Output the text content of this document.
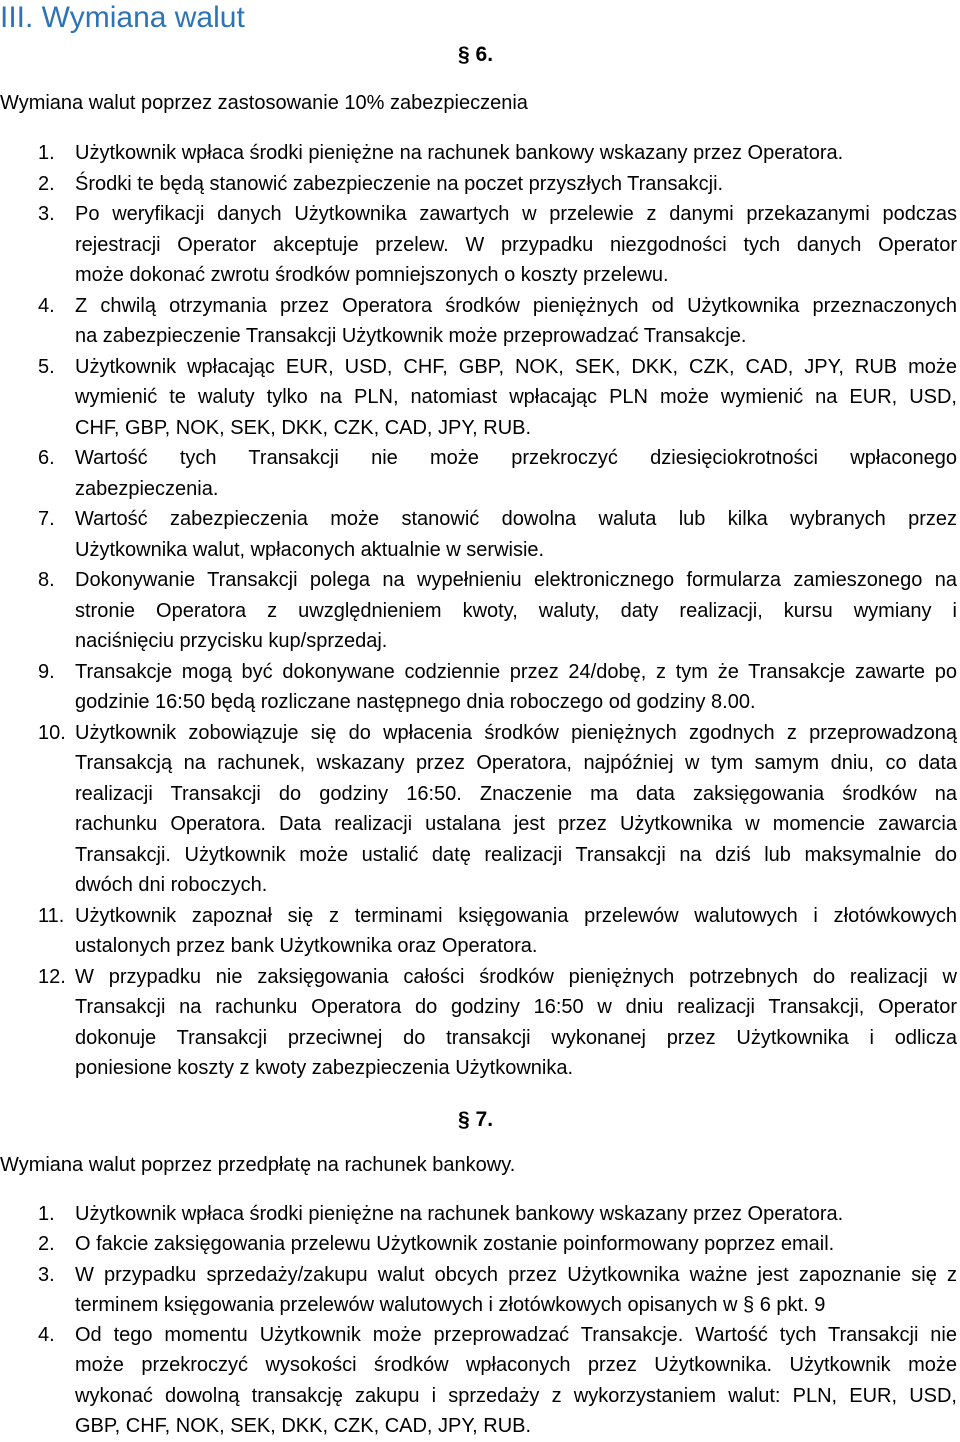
III. Wymiana walut
§ 6.
Wymiana walut poprzez zastosowanie 10% zabezpieczenia
1. Użytkownik wpłaca środki pieniężne na rachunek bankowy wskazany przez Operatora.
2. Środki te będą stanowić zabezpieczenie na poczet przyszłych Transakcji.
3. Po weryfikacji danych Użytkownika zawartych w przelewie z danymi przekazanymi podczas
rejestracji Operator akceptuje przelew. W przypadku niezgodności tych danych Operator
może dokonać zwrotu środków pomniejszonych o koszty przelewu.
4. Z chwilą otrzymania przez Operatora środków pieniężnych od Użytkownika przeznaczonych
na zabezpieczenie Transakcji Użytkownik może przeprowadzać Transakcje.
5. Użytkownik wpłacając EUR, USD, CHF, GBP, NOK, SEK, DKK, CZK, CAD, JPY, RUB może
wymienić te waluty tylko na PLN, natomiast wpłacając PLN może wymienić na EUR, USD,
CHF, GBP, NOK, SEK, DKK, CZK, CAD, JPY, RUB.
6. Wartość tych Transakcji nie może przekroczyć dziesięciokrotności wpłaconego
zabezpieczenia.
7. Wartość zabezpieczenia może stanowić dowolna waluta lub kilka wybranych przez
Użytkownika walut, wpłaconych aktualnie w serwisie.
8. Dokonywanie Transakcji polega na wypełnieniu elektronicznego formularza zamieszonego na
stronie Operatora z uwzględnieniem kwoty, waluty, daty realizacji, kursu wymiany i
naciśnięciu przycisku kup/sprzedaj.
9. Transakcje mogą być dokonywane codziennie przez 24/dobę, z tym że Transakcje zawarte po
godzinie 16:50 będą rozliczane następnego dnia roboczego od godziny 8.00.
10. Użytkownik zobowiązuje się do wpłacenia środków pieniężnych zgodnych z przeprowadzoną
Transakcją na rachunek, wskazany przez Operatora, najpóźniej w tym samym dniu, co data
realizacji Transakcji do godziny 16:50. Znaczenie ma data zaksięgowania środków na
rachunku Operatora. Data realizacji ustalana jest przez Użytkownika w momencie zawarcia
Transakcji. Użytkownik może ustalić datę realizacji Transakcji na dziś lub maksymalnie do
dwóch dni roboczych.
11. Użytkownik zapoznał się z terminami księgowania przelewów walutowych i złotówkowych
ustalonych przez bank Użytkownika oraz Operatora.
12. W przypadku nie zaksięgowania całości środków pieniężnych potrzebnych do realizacji w
Transakcji na rachunku Operatora do godziny 16:50 w dniu realizacji Transakcji, Operator
dokonuje Transakcji przeciwnej do transakcji wykonanej przez Użytkownika i odlicza
poniesione koszty z kwoty zabezpieczenia Użytkownika.
§ 7.
Wymiana walut poprzez przedpłatę na rachunek bankowy.
1. Użytkownik wpłaca środki pieniężne na rachunek bankowy wskazany przez Operatora.
2. O fakcie zaksięgowania przelewu Użytkownik zostanie poinformowany poprzez email.
3. W przypadku sprzedaży/zakupu walut obcych przez Użytkownika ważne jest zapoznanie się z
terminem księgowania przelewów walutowych i złotówkowych opisanych w § 6 pkt. 9
4. Od tego momentu Użytkownik może przeprowadzać Transakcje. Wartość tych Transakcji nie
może przekroczyć wysokości środków wpłaconych przez Użytkownika. Użytkownik może
wykonać dowolną transakcję zakupu i sprzedaży z wykorzystaniem walut: PLN, EUR, USD,
GBP, CHF, NOK, SEK, DKK, CZK, CAD, JPY, RUB.
